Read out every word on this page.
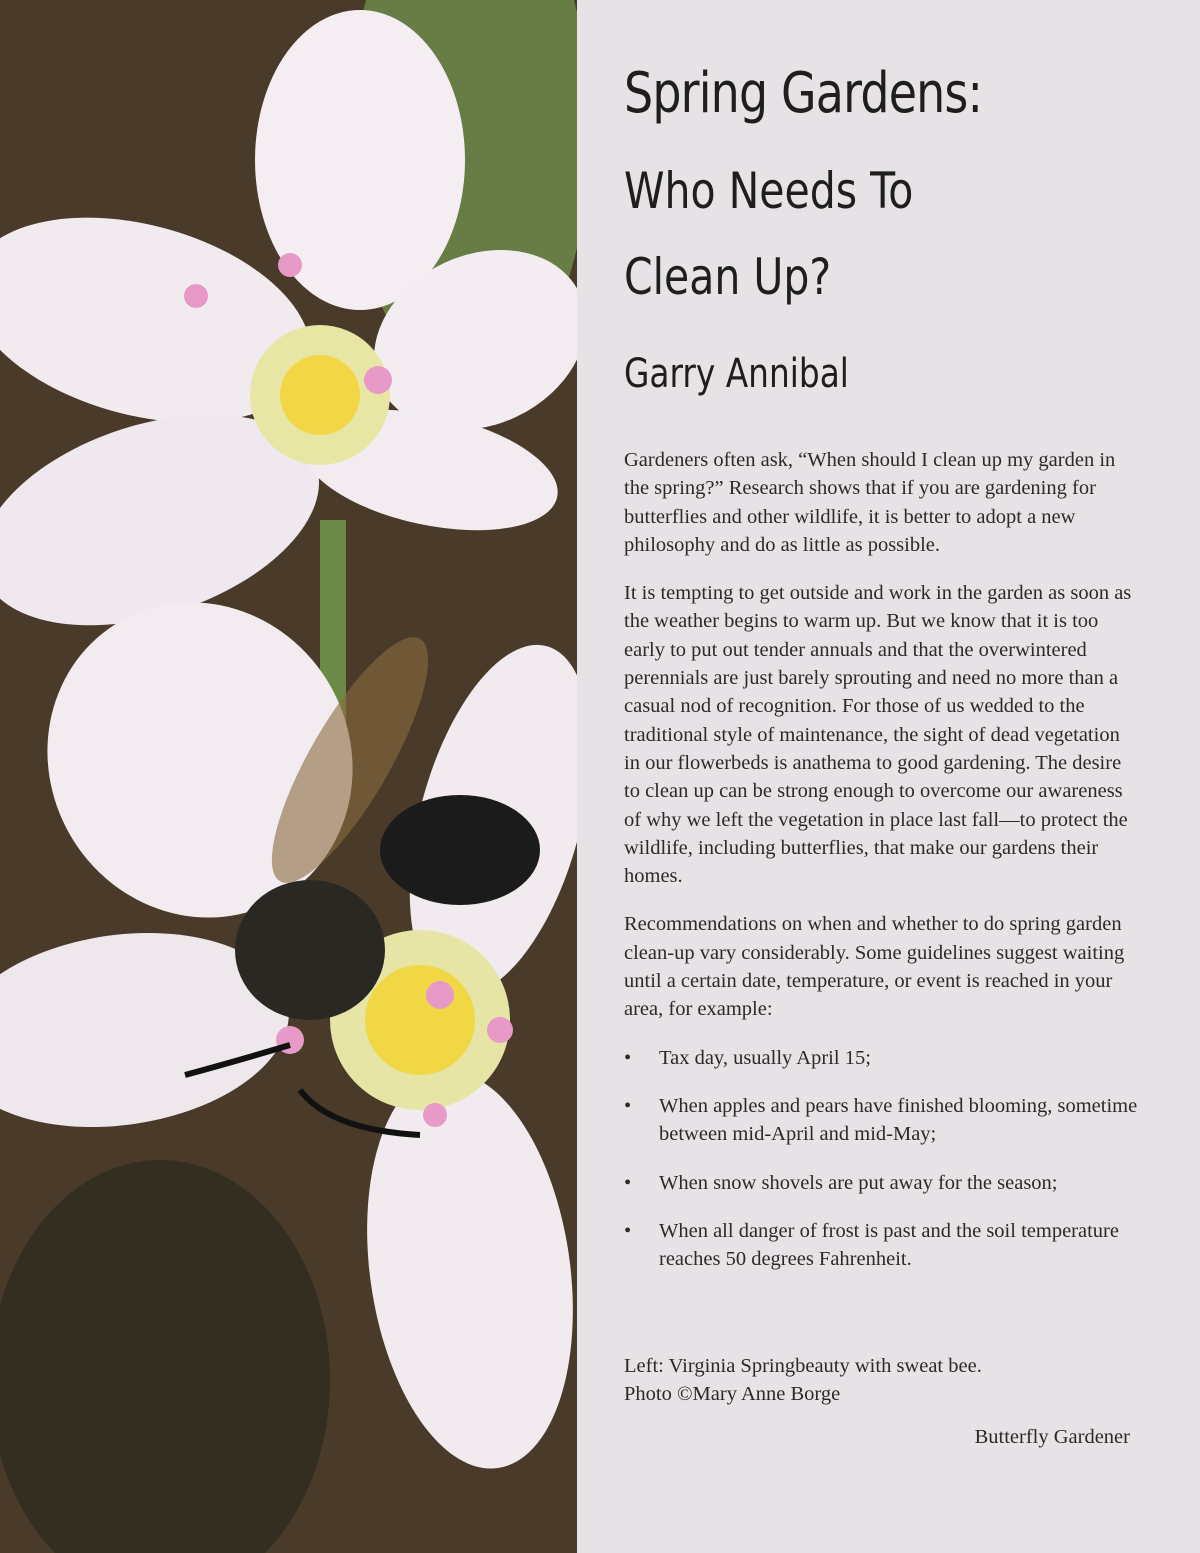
Spring Gardens:
Who Needs To
Clean Up?
Garry Annibal

Gardeners often ask, “When should I clean up my garden in the spring?” Research shows that if you are gardening for butterflies and other wildlife, it is better to adopt a new philosophy and do as little as possible.

It is tempting to get outside and work in the garden as soon as the weather begins to warm up. But we know that it is too early to put out tender annuals and that the overwintered perennials are just barely sprouting and need no more than a casual nod of recognition. For those of us wedded to the traditional style of maintenance, the sight of dead vegetation in our flowerbeds is anathema to good gardening. The desire to clean up can be strong enough to overcome our awareness of why we left the vegetation in place last fall—to protect the wildlife, including butterflies, that make our gardens their homes.

Recommendations on when and whether to do spring garden clean-up vary considerably. Some guidelines suggest waiting until a certain date, temperature, or event is reached in your area, for example:

• Tax day, usually April 15;
• When apples and pears have finished blooming, sometime between mid-April and mid-May;
• When snow shovels are put away for the season;
• When all danger of frost is past and the soil temperature reaches 50 degrees Fahrenheit.
Left: Virginia Springbeauty with sweat bee.
Photo ©Mary Anne Borge
Butterfly Gardener
